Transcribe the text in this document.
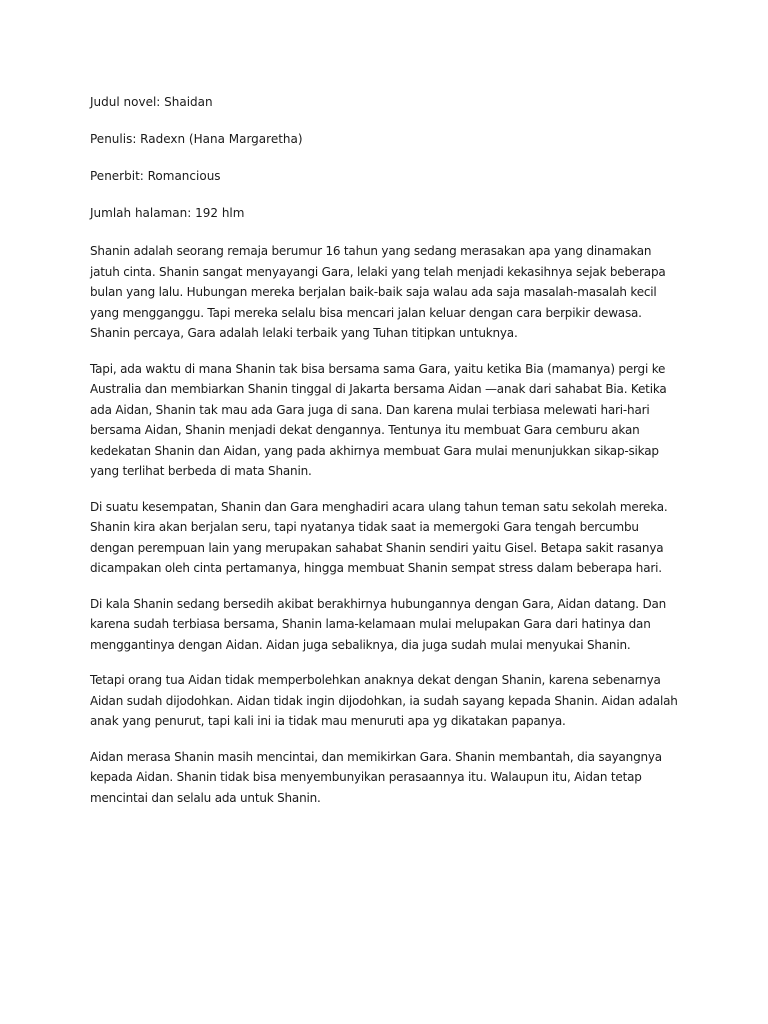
Judul novel: Shaidan

Penulis: Radexn (Hana Margaretha)

Penerbit: Romancious

Jumlah halaman: 192 hlm

Shanin adalah seorang remaja berumur 16 tahun yang sedang merasakan apa yang dinamakan jatuh cinta. Shanin sangat menyayangi Gara, lelaki yang telah menjadi kekasihnya sejak beberapa bulan yang lalu. Hubungan mereka berjalan baik-baik saja walau ada saja masalah-masalah kecil yang mengganggu. Tapi mereka selalu bisa mencari jalan keluar dengan cara berpikir dewasa. Shanin percaya, Gara adalah lelaki terbaik yang Tuhan titipkan untuknya.

Tapi, ada waktu di mana Shanin tak bisa bersama sama Gara, yaitu ketika Bia (mamanya) pergi ke Australia dan membiarkan Shanin tinggal di Jakarta bersama Aidan —anak dari sahabat Bia. Ketika ada Aidan, Shanin tak mau ada Gara juga di sana. Dan karena mulai terbiasa melewati hari-hari bersama Aidan, Shanin menjadi dekat dengannya. Tentunya itu membuat Gara cemburu akan kedekatan Shanin dan Aidan, yang pada akhirnya membuat Gara mulai menunjukkan sikap-sikap yang terlihat berbeda di mata Shanin.

Di suatu kesempatan, Shanin dan Gara menghadiri acara ulang tahun teman satu sekolah mereka. Shanin kira akan berjalan seru, tapi nyatanya tidak saat ia memergoki Gara tengah bercumbu dengan perempuan lain yang merupakan sahabat Shanin sendiri yaitu Gisel. Betapa sakit rasanya dicampakan oleh cinta pertamanya, hingga membuat Shanin sempat stress dalam beberapa hari.

Di kala Shanin sedang bersedih akibat berakhirnya hubungannya dengan Gara, Aidan datang. Dan karena sudah terbiasa bersama, Shanin lama-kelamaan mulai melupakan Gara dari hatinya dan menggantinya dengan Aidan. Aidan juga sebaliknya, dia juga sudah mulai menyukai Shanin.

Tetapi orang tua Aidan tidak memperbolehkan anaknya dekat dengan Shanin, karena sebenarnya Aidan sudah dijodohkan. Aidan tidak ingin dijodohkan, ia sudah sayang kepada Shanin. Aidan adalah anak yang penurut, tapi kali ini ia tidak mau menuruti apa yg dikatakan papanya.

Aidan merasa Shanin masih mencintai, dan memikirkan Gara. Shanin membantah, dia sayangnya kepada Aidan. Shanin tidak bisa menyembunyikan perasaannya itu. Walaupun itu, Aidan tetap mencintai dan selalu ada untuk Shanin.
